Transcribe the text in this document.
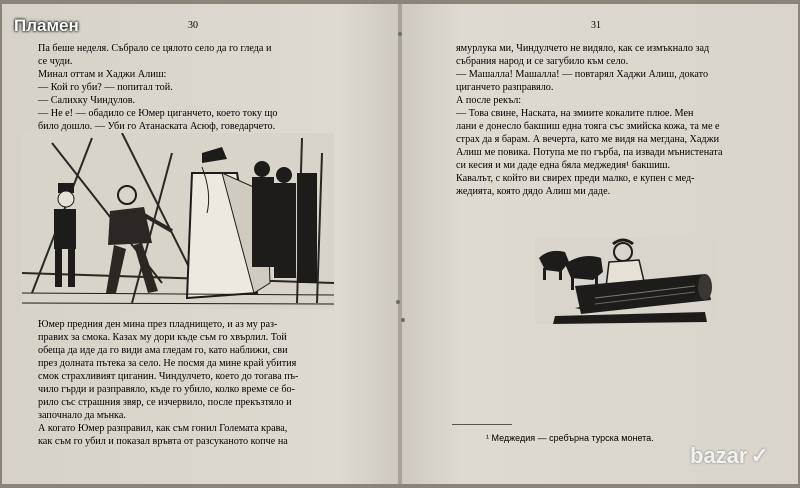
Пламен	30	31

Па беше неделя. Събрало се цялото село да го гледа и

се чуди.

Минал оттам и Хаджи Алиш:

— Кой го уби? — попитал той.

— Салихку Чиндулов.

— Не е! — обадило се Юмер циганчето, което току що

било дошло. — Уби го Атанаската Асюф, говедарчето.

Юмер предния ден мина през пладнището, и аз му раз-

правих за смока. Казах му дори къде съм го хвърлил. Той

обеща да иде да го види ама гледам го, като наближи, сви

през долната пътека за село. Не посмя да мине край убития

смок страхливият циганин. Чиндулчето, което до тогава пъ-

чило гърди и разправяло, къде го убило, колко време се бо-

рило със страшния звяр, се изчервило, после прекъзтяло и

започнало да мънка.

А когато Юмер разправил, как съм гонил Големата крава,

как съм го убил и показал връвта от разсуканото копче на

ямурлука ми, Чиндулчето не видяло, как се измъкнало зад

събрания народ и се загубило към село.

— Машалла! Машалла! — повтарял Хаджи Алиш, докато

циганчето разправяло.

А после рекъл:

— Това свине, Наската, на змиите кокалите плюе. Мен

лани е донесло бакшиш една тояга със змийска кожа, та ме е

страх да я барам. А вечерта, като ме видя на мегдана, Хаджи

Алиш ме повика. Потупа ме по гърба, па извади мънистената

си кесия и ми даде една бяла меджедия¹ бакшиш.

Кавалът, с който ви свирех преди малко, е купен с мед-

жедията, която дядо Алиш ми даде.

¹ Меджедия — сребърна турска монета.
bazar ✓
